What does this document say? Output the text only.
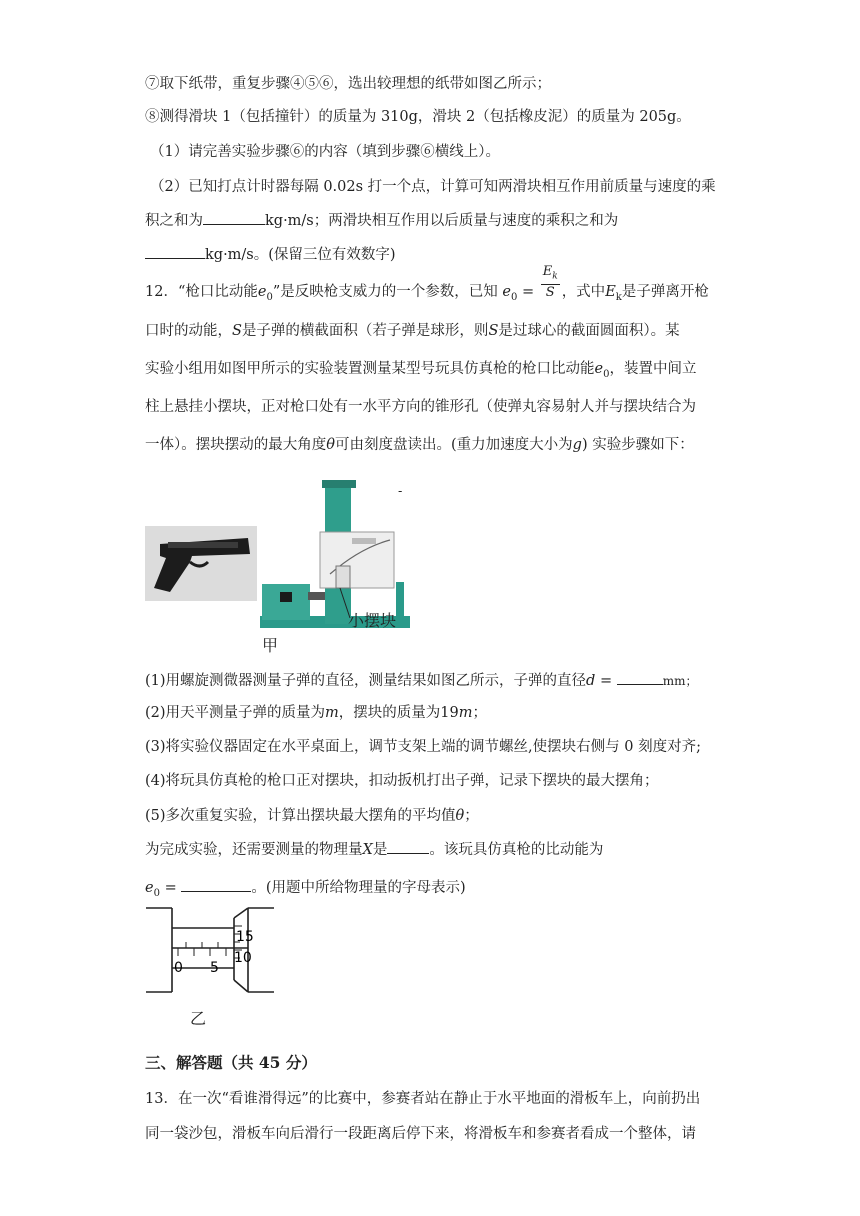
⑦取下纸带，重复步骤④⑤⑥，选出较理想的纸带如图乙所示；
⑧测得滑块 1（包括撞针）的质量为 310g，滑块 2（包括橡皮泥）的质量为 205g。
（1）请完善实验步骤⑥的内容（填到步骤⑥横线上）。
（2）已知打点计时器每隔 0.02s 打一个点，计算可知两滑块相互作用前质量与速度的乘
积之和为	kg·m/s；两滑块相互作用以后质量与速度的乘积之和为
kg·m/s。(保留三位有效数字)
12．“枪口比动能$e_0$”是反映枪支威力的一个参数，已知 $e_0 = \frac{E_k}{S}$ ，式中$E_k$是子弹离开枪
口时的动能，S是子弹的横截面积（若子弹是球形，则S是过球心的截面圆面积）。某
实验小组用如图甲所示的实验装置测量某型号玩具仿真枪的枪口比动能$e_0$，装置中间立
柱上悬挂小摆块，正对枪口处有一水平方向的锥形孔（使弹丸容易射人并与摆块结合为
一体）。摆块摆动的最大角度θ可由刻度盘读出。(重力加速度大小为g) 实验步骤如下：
小摆块
甲
-
(1)用螺旋测微器测量子弹的直径，测量结果如图乙所示，子弹的直径d =	mm；
(2)用天平测量子弹的质量为m，摆块的质量为19m；
(3)将实验仪器固定在水平桌面上，调节支架上端的调节螺丝,使摆块右侧与 0 刻度对齐;
(4)将玩具仿真枪的枪口正对摆块，扣动扳机打出子弹，记录下摆块的最大摆角；
(5)多次重复实验，计算出摆块最大摆角的平均值θ；
为完成实验，还需要测量的物理量X是	。该玩具仿真枪的比动能为
$e_0$ =	。(用题中所给物理量的字母表示)
15
10
0 5
乙
三、解答题（共 45 分）
13．在一次“看谁滑得远”的比赛中，参赛者站在静止于水平地面的滑板车上，向前扔出
同一袋沙包，滑板车向后滑行一段距离后停下来，将滑板车和参赛者看成一个整体，请
